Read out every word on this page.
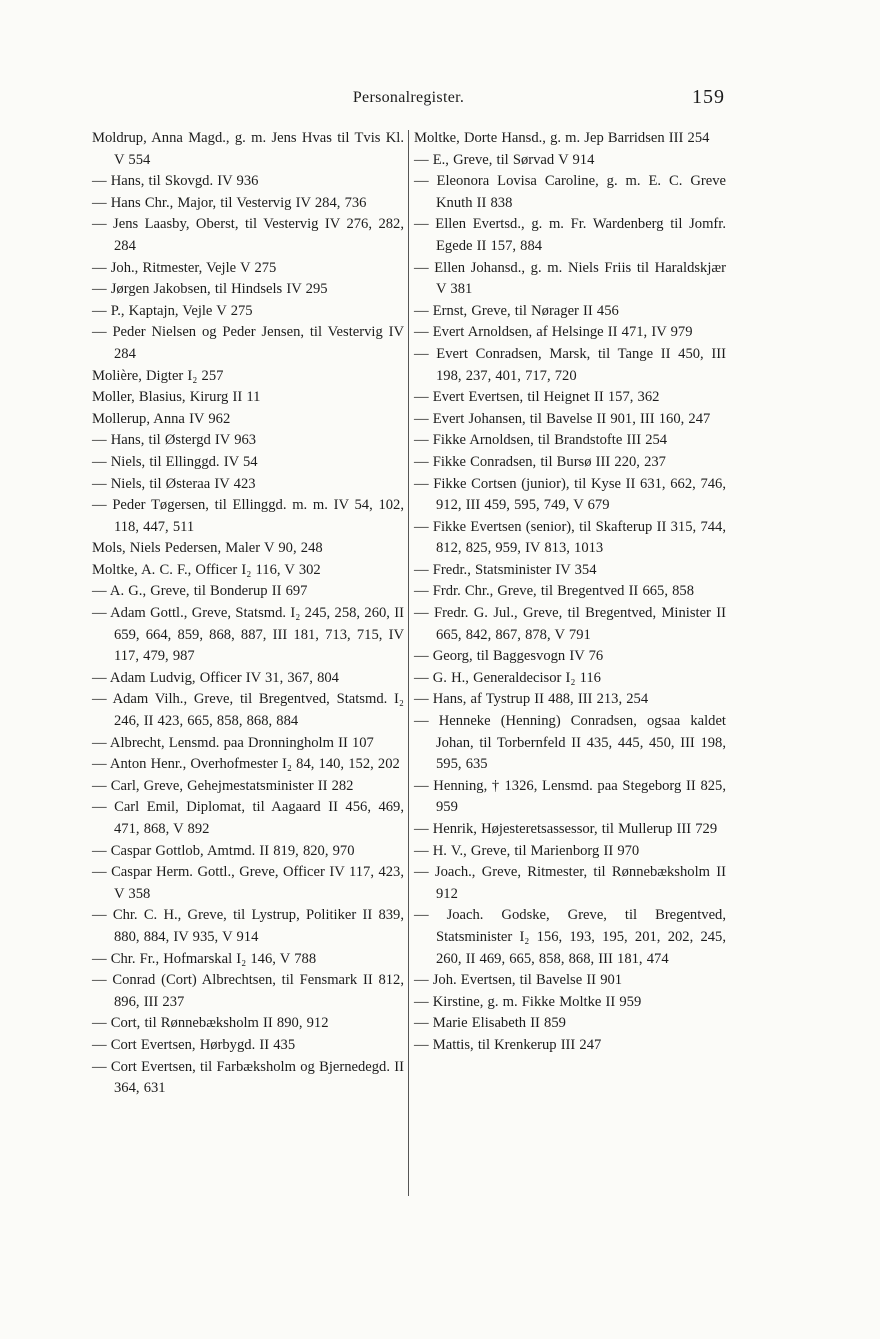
Personalregister.	159
Moldrup, Anna Magd., g. m. Jens Hvas til Tvis Kl. V 554
— Hans, til Skovgd. IV 936
— Hans Chr., Major, til Vestervig IV 284, 736
— Jens Laasby, Oberst, til Vestervig IV 276, 282, 284
— Joh., Ritmester, Vejle V 275
— Jørgen Jakobsen, til Hindsels IV 295
— P., Kaptajn, Vejle V 275
— Peder Nielsen og Peder Jensen, til Vestervig IV 284
Molière, Digter I₂ 257
Moller, Blasius, Kirurg II 11
Mollerup, Anna IV 962
— Hans, til Østergd IV 963
— Niels, til Ellinggd. IV 54
— Niels, til Østeraa IV 423
— Peder Tøgersen, til Ellinggd. m. m. IV 54, 102, 118, 447, 511
Mols, Niels Pedersen, Maler V 90, 248
Moltke, A. C. F., Officer I₂ 116, V 302
— A. G., Greve, til Bonderup II 697
— Adam Gottl., Greve, Statsmd. I₂ 245, 258, 260, II 659, 664, 859, 868, 887, III 181, 713, 715, IV 117, 479, 987
— Adam Ludvig, Officer IV 31, 367, 804
— Adam Vilh., Greve, til Bregentved, Statsmd. I₂ 246, II 423, 665, 858, 868, 884
— Albrecht, Lensmd. paa Dronningholm II 107
— Anton Henr., Overhofmester I₂ 84, 140, 152, 202
— Carl, Greve, Gehejmestatsminister II 282
— Carl Emil, Diplomat, til Aagaard II 456, 469, 471, 868, V 892
— Caspar Gottlob, Amtmd. II 819, 820, 970
— Caspar Herm. Gottl., Greve, Officer IV 117, 423, V 358
— Chr. C. H., Greve, til Lystrup, Politiker II 839, 880, 884, IV 935, V 914
— Chr. Fr., Hofmarskal I₂ 146, V 788
— Conrad (Cort) Albrechtsen, til Fensmark II 812, 896, III 237
— Cort, til Rønnebæksholm II 890, 912
— Cort Evertsen, Hørbygd. II 435
— Cort Evertsen, til Farbæksholm og Bjernedegd. II 364, 631
Moltke, Dorte Hansd., g. m. Jep Barridsen III 254
— E., Greve, til Sørvad V 914
— Eleonora Lovisa Caroline, g. m. E. C. Greve Knuth II 838
— Ellen Evertsd., g. m. Fr. Wardenberg til Jomfr. Egede II 157, 884
— Ellen Johansd., g. m. Niels Friis til Haraldskjær V 381
— Ernst, Greve, til Nørager II 456
— Evert Arnoldsen, af Helsinge II 471, IV 979
— Evert Conradsen, Marsk, til Tange II 450, III 198, 237, 401, 717, 720
— Evert Evertsen, til Heignet II 157, 362
— Evert Johansen, til Bavelse II 901, III 160, 247
— Fikke Arnoldsen, til Brandstofte III 254
— Fikke Conradsen, til Bursø III 220, 237
— Fikke Cortsen (junior), til Kyse II 631, 662, 746, 912, III 459, 595, 749, V 679
— Fikke Evertsen (senior), til Skafterup II 315, 744, 812, 825, 959, IV 813, 1013
— Fredr., Statsminister IV 354
— Frdr. Chr., Greve, til Bregentved II 665, 858
— Fredr. G. Jul., Greve, til Bregentved, Minister II 665, 842, 867, 878, V 791
— Georg, til Baggesvogn IV 76
— G. H., Generaldecisor I₂ 116
— Hans, af Tystrup II 488, III 213, 254
— Henneke (Henning) Conradsen, ogsaa kaldet Johan, til Torbernfeld II 435, 445, 450, III 198, 595, 635
— Henning, † 1326, Lensmd. paa Stegeborg II 825, 959
— Henrik, Højesteretsassessor, til Mullerup III 729
— H. V., Greve, til Marienborg II 970
— Joach., Greve, Ritmester, til Rønnebæksholm II 912
— Joach. Godske, Greve, til Bregentved, Statsminister I₂ 156, 193, 195, 201, 202, 245, 260, II 469, 665, 858, 868, III 181, 474
— Joh. Evertsen, til Bavelse II 901
— Kirstine, g. m. Fikke Moltke II 959
— Marie Elisabeth II 859
— Mattis, til Krenkerup III 247
